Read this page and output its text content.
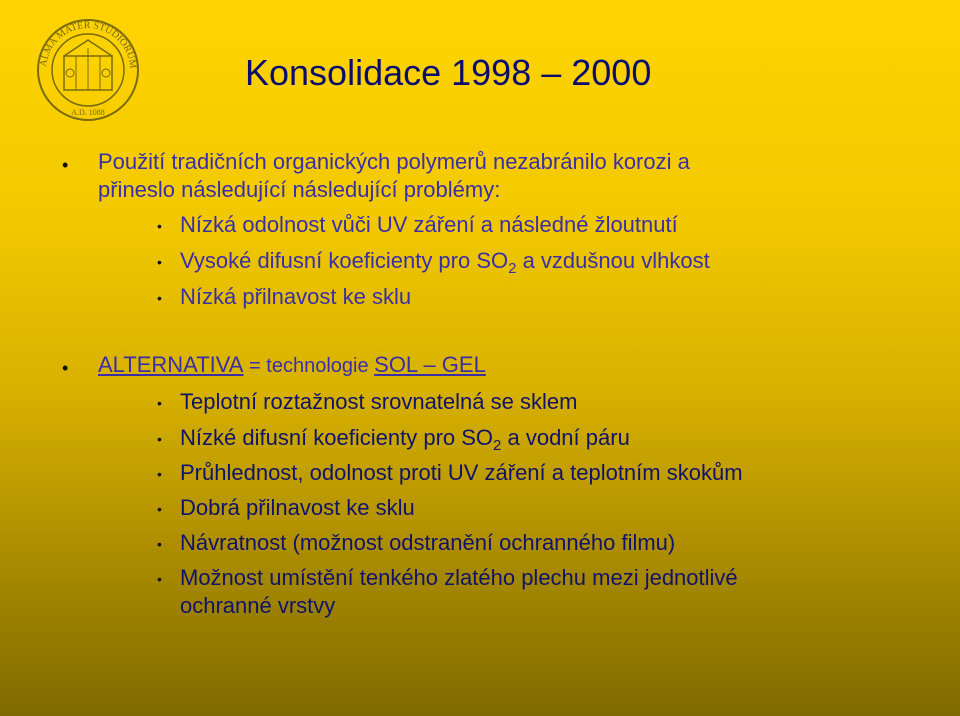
ALMA MATER STUDIORUM
A.D. 1088
Konsolidace 1998 – 2000
• Použití tradičních organických polymerů nezabránilo korozi a
přineslo následující následující problémy:
• Nízká odolnost vůči UV záření a následné žloutnutí
• Vysoké difusní koeficienty pro $SO_2$ a vzdušnou vlhkost
• Nízká přilnavost ke sklu
• ALTERNATIVA = technologie SOL – GEL
• Teplotní roztažnost srovnatelná se sklem
• Nízké difusní koeficienty pro $SO_2$ a vodní páru
• Průhlednost, odolnost proti UV záření a teplotním skokům
• Dobrá přilnavost ke sklu
• Návratnost (možnost odstranění ochranného filmu)
• Možnost umístění tenkého zlatého plechu mezi jednotlivé
ochranné vrstvy
